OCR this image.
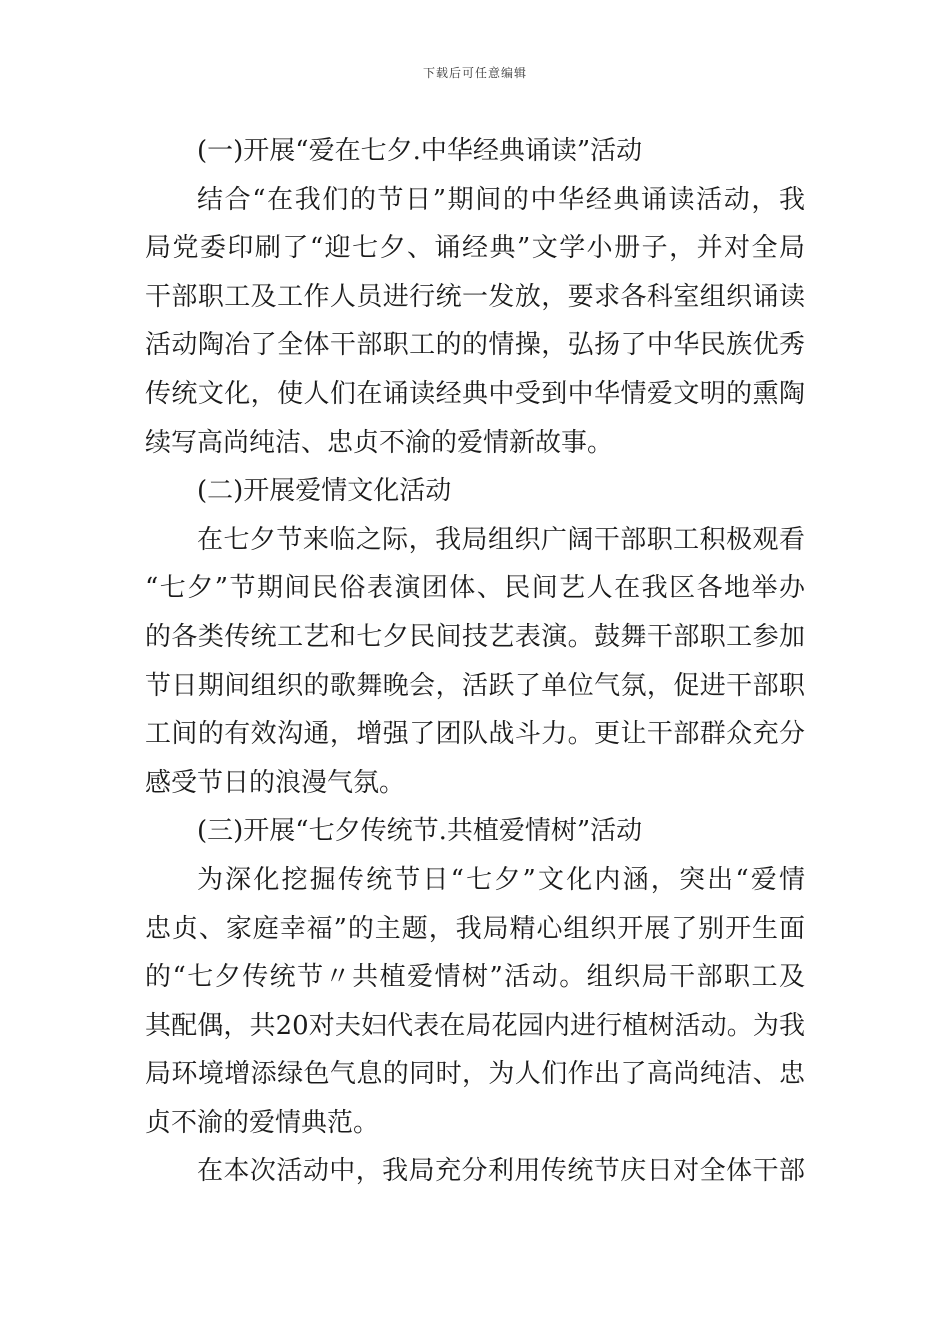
下载后可任意编辑
(一)开展“爱在七夕.中华经典诵读”活动
结合“在我们的节日”期间的中华经典诵读活动，我
局党委印刷了“迎七夕、诵经典”文学小册子，并对全局
干部职工及工作人员进行统一发放，要求各科室组织诵读
活动陶冶了全体干部职工的的情操，弘扬了中华民族优秀
传统文化，使人们在诵读经典中受到中华情爱文明的熏陶
续写高尚纯洁、忠贞不渝的爱情新故事。
(二)开展爱情文化活动
在七夕节来临之际，我局组织广阔干部职工积极观看
“七夕”节期间民俗表演团体、民间艺人在我区各地举办
的各类传统工艺和七夕民间技艺表演。鼓舞干部职工参加
节日期间组织的歌舞晚会，活跃了单位气氛，促进干部职
工间的有效沟通，增强了团队战斗力。更让干部群众充分
感受节日的浪漫气氛。
(三)开展“七夕传统节.共植爱情树”活动
为深化挖掘传统节日“七夕”文化内涵，突出“爱情
忠贞、家庭幸福”的主题，我局精心组织开展了别开生面
的“七夕传统节〃共植爱情树”活动。组织局干部职工及
其配偶，共20对夫妇代表在局花园内进行植树活动。为我
局环境增添绿色气息的同时，为人们作出了高尚纯洁、忠
贞不渝的爱情典范。
在本次活动中，我局充分利用传统节庆日对全体干部
